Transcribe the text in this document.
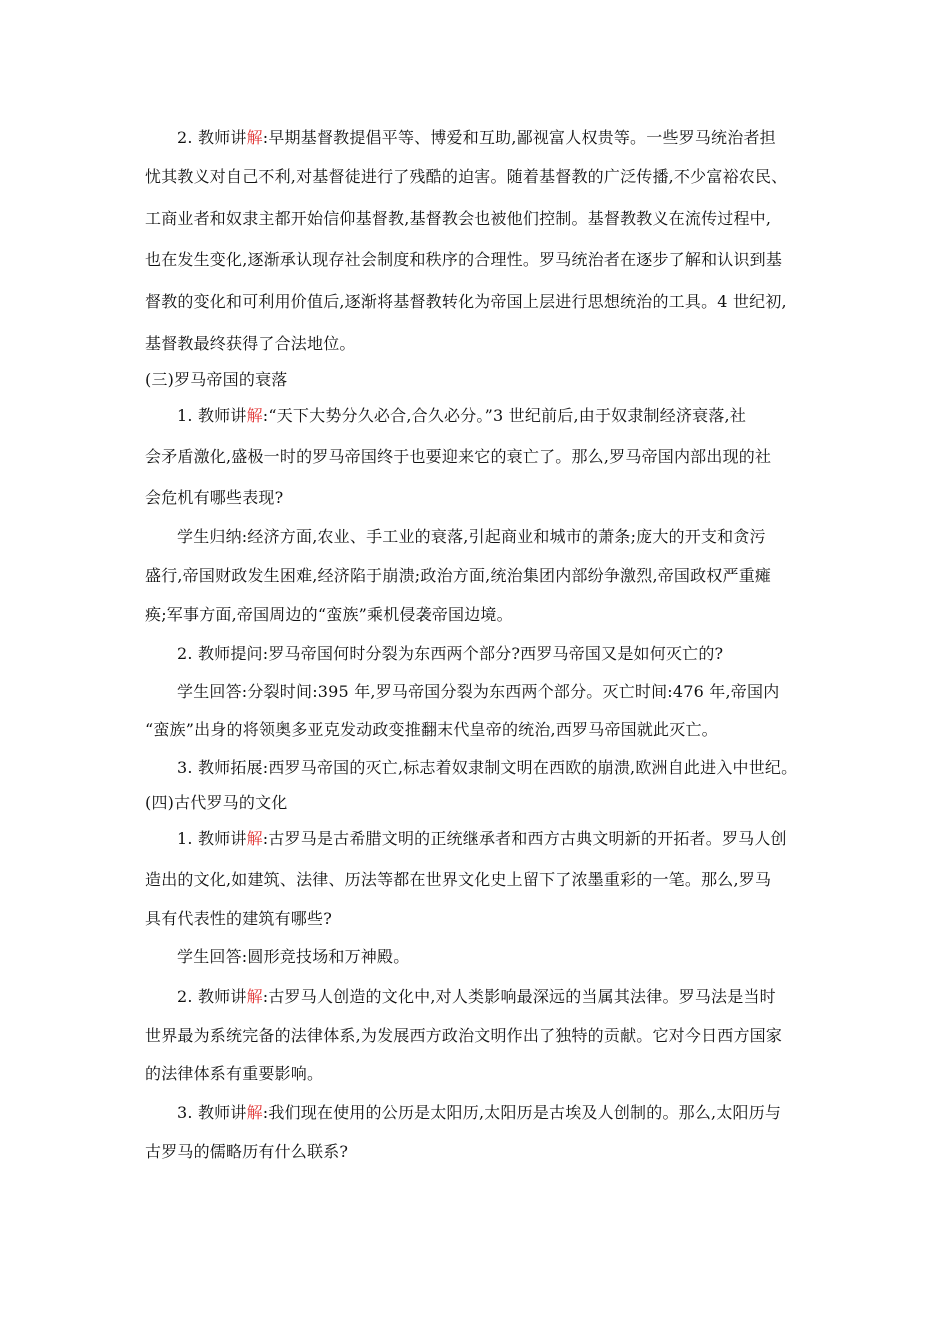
2. 教师讲解:早期基督教提倡平等、博爱和互助,鄙视富人权贵等。一些罗马统治者担
忧其教义对自己不利,对基督徒进行了残酷的迫害。随着基督教的广泛传播,不少富裕农民、
工商业者和奴隶主都开始信仰基督教,基督教会也被他们控制。基督教教义在流传过程中,
也在发生变化,逐渐承认现存社会制度和秩序的合理性。罗马统治者在逐步了解和认识到基
督教的变化和可利用价值后,逐渐将基督教转化为帝国上层进行思想统治的工具。4 世纪初,
基督教最终获得了合法地位。
(三)罗马帝国的衰落
1. 教师讲解:“天下大势分久必合,合久必分。”3 世纪前后,由于奴隶制经济衰落,社
会矛盾激化,盛极一时的罗马帝国终于也要迎来它的衰亡了。那么,罗马帝国内部出现的社
会危机有哪些表现?
学生归纳:经济方面,农业、手工业的衰落,引起商业和城市的萧条;庞大的开支和贪污
盛行,帝国财政发生困难,经济陷于崩溃;政治方面,统治集团内部纷争激烈,帝国政权严重瘫
痪;军事方面,帝国周边的“蛮族”乘机侵袭帝国边境。
2. 教师提问:罗马帝国何时分裂为东西两个部分?西罗马帝国又是如何灭亡的?
学生回答:分裂时间:395 年,罗马帝国分裂为东西两个部分。灭亡时间:476 年,帝国内
“蛮族”出身的将领奥多亚克发动政变推翻末代皇帝的统治,西罗马帝国就此灭亡。
3. 教师拓展:西罗马帝国的灭亡,标志着奴隶制文明在西欧的崩溃,欧洲自此进入中世纪。
(四)古代罗马的文化
1. 教师讲解:古罗马是古希腊文明的正统继承者和西方古典文明新的开拓者。罗马人创
造出的文化,如建筑、法律、历法等都在世界文化史上留下了浓墨重彩的一笔。那么,罗马
具有代表性的建筑有哪些?
学生回答:圆形竞技场和万神殿。
2. 教师讲解:古罗马人创造的文化中,对人类影响最深远的当属其法律。罗马法是当时
世界最为系统完备的法律体系,为发展西方政治文明作出了独特的贡献。它对今日西方国家
的法律体系有重要影响。
3. 教师讲解:我们现在使用的公历是太阳历,太阳历是古埃及人创制的。那么,太阳历与
古罗马的儒略历有什么联系?
